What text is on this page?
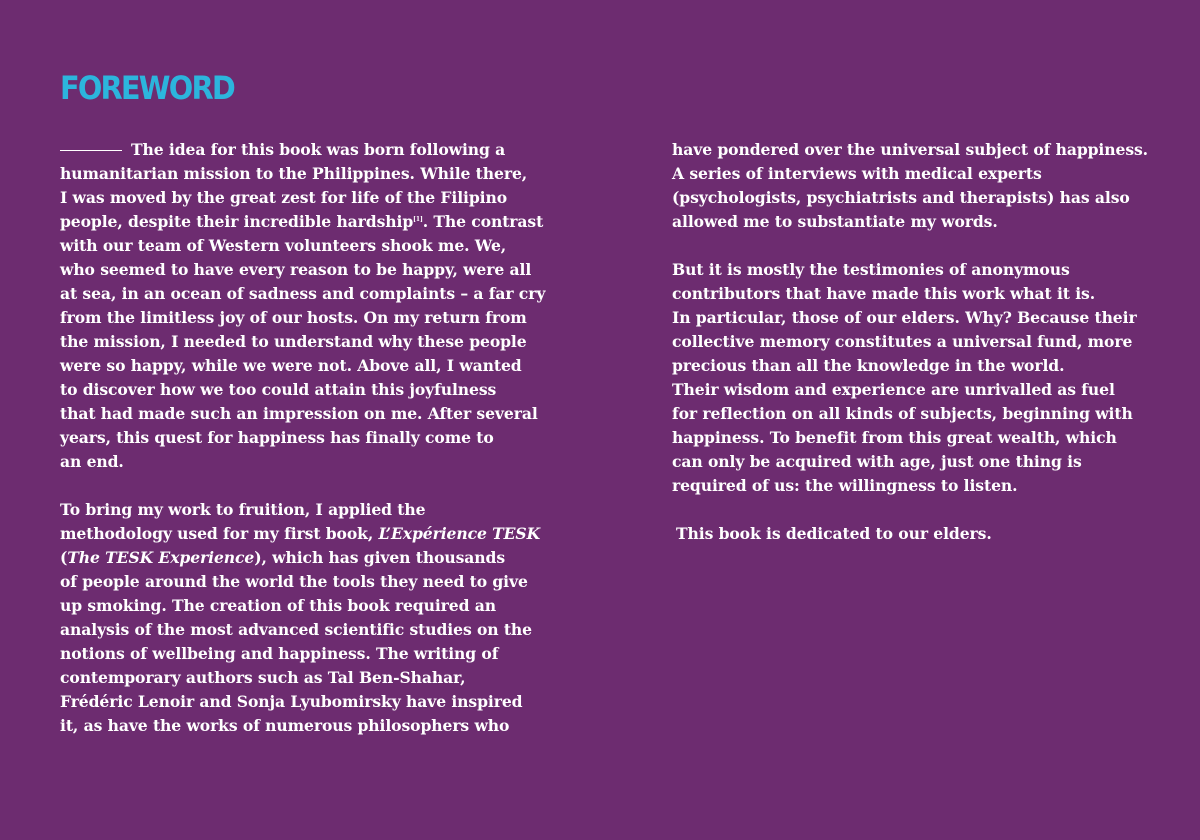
FOREWORD
The idea for this book was born following a
humanitarian mission to the Philippines. While there,
I was moved by the great zest for life of the Filipino
people, despite their incredible hardship[1]. The contrast
with our team of Western volunteers shook me. We,
who seemed to have every reason to be happy, were all
at sea, in an ocean of sadness and complaints – a far cry
from the limitless joy of our hosts. On my return from
the mission, I needed to understand why these people
were so happy, while we were not. Above all, I wanted
to discover how we too could attain this joyfulness
that had made such an impression on me. After several
years, this quest for happiness has finally come to
an end.
To bring my work to fruition, I applied the
methodology used for my first book, L’Expérience TESK
(The TESK Experience), which has given thousands
of people around the world the tools they need to give
up smoking. The creation of this book required an
analysis of the most advanced scientific studies on the
notions of wellbeing and happiness. The writing of
contemporary authors such as Tal Ben-Shahar,
Frédéric Lenoir and Sonja Lyubomirsky have inspired
it, as have the works of numerous philosophers who
have pondered over the universal subject of happiness.
A series of interviews with medical experts
(psychologists, psychiatrists and therapists) has also
allowed me to substantiate my words.
But it is mostly the testimonies of anonymous
contributors that have made this work what it is.
In particular, those of our elders. Why? Because their
collective memory constitutes a universal fund, more
precious than all the knowledge in the world.
Their wisdom and experience are unrivalled as fuel
for reflection on all kinds of subjects, beginning with
happiness. To benefit from this great wealth, which
can only be acquired with age, just one thing is
required of us: the willingness to listen.
This book is dedicated to our elders.
